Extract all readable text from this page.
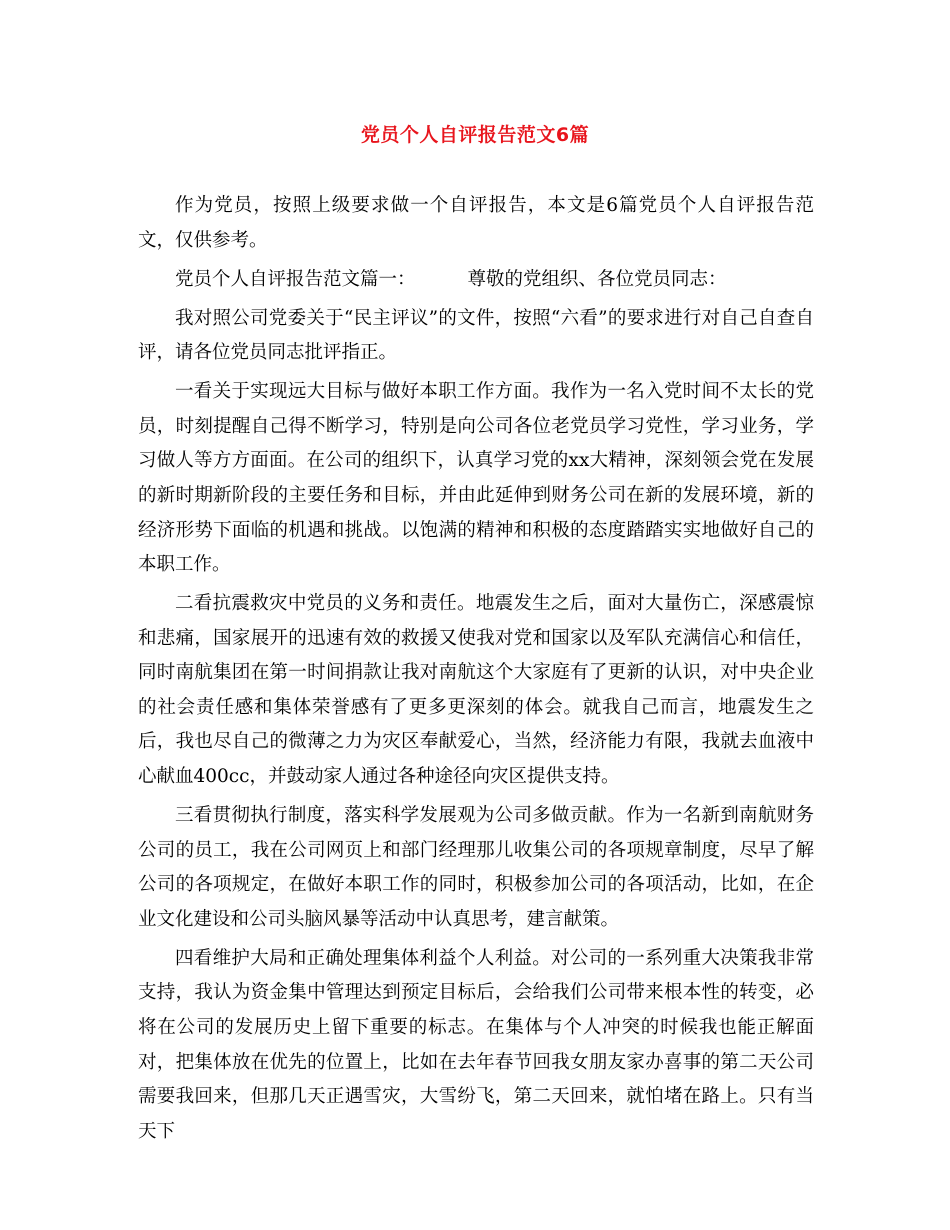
党员个人自评报告范文6篇

作为党员，按照上级要求做一个自评报告，本文是6篇党员个人自评报告范文，仅供参考。

党员个人自评报告范文篇一：	尊敬的党组织、各位党员同志：

我对照公司党委关于“民主评议”的文件，按照“六看”的要求进行对自己自查自评，请各位党员同志批评指正。

一看关于实现远大目标与做好本职工作方面。我作为一名入党时间不太长的党员，时刻提醒自己得不断学习，特别是向公司各位老党员学习党性，学习业务，学习做人等方方面面。在公司的组织下，认真学习党的xx大精神，深刻领会党在发展的新时期新阶段的主要任务和目标，并由此延伸到财务公司在新的发展环境，新的经济形势下面临的机遇和挑战。以饱满的精神和积极的态度踏踏实实地做好自己的本职工作。

二看抗震救灾中党员的义务和责任。地震发生之后，面对大量伤亡，深感震惊和悲痛，国家展开的迅速有效的救援又使我对党和国家以及军队充满信心和信任，同时南航集团在第一时间捐款让我对南航这个大家庭有了更新的认识，对中央企业的社会责任感和集体荣誉感有了更多更深刻的体会。就我自己而言，地震发生之后，我也尽自己的微薄之力为灾区奉献爱心，当然，经济能力有限，我就去血液中心献血400cc，并鼓动家人通过各种途径向灾区提供支持。

三看贯彻执行制度，落实科学发展观为公司多做贡献。作为一名新到南航财务公司的员工，我在公司网页上和部门经理那儿收集公司的各项规章制度，尽早了解公司的各项规定，在做好本职工作的同时，积极参加公司的各项活动，比如，在企业文化建设和公司头脑风暴等活动中认真思考，建言献策。

四看维护大局和正确处理集体利益个人利益。对公司的一系列重大决策我非常支持，我认为资金集中管理达到预定目标后，会给我们公司带来根本性的转变，必将在公司的发展历史上留下重要的标志。在集体与个人冲突的时候我也能正解面对，把集体放在优先的位置上，比如在去年春节回我女朋友家办喜事的第二天公司需要我回来，但那几天正遇雪灾，大雪纷飞，第二天回来，就怕堵在路上。只有当天下
